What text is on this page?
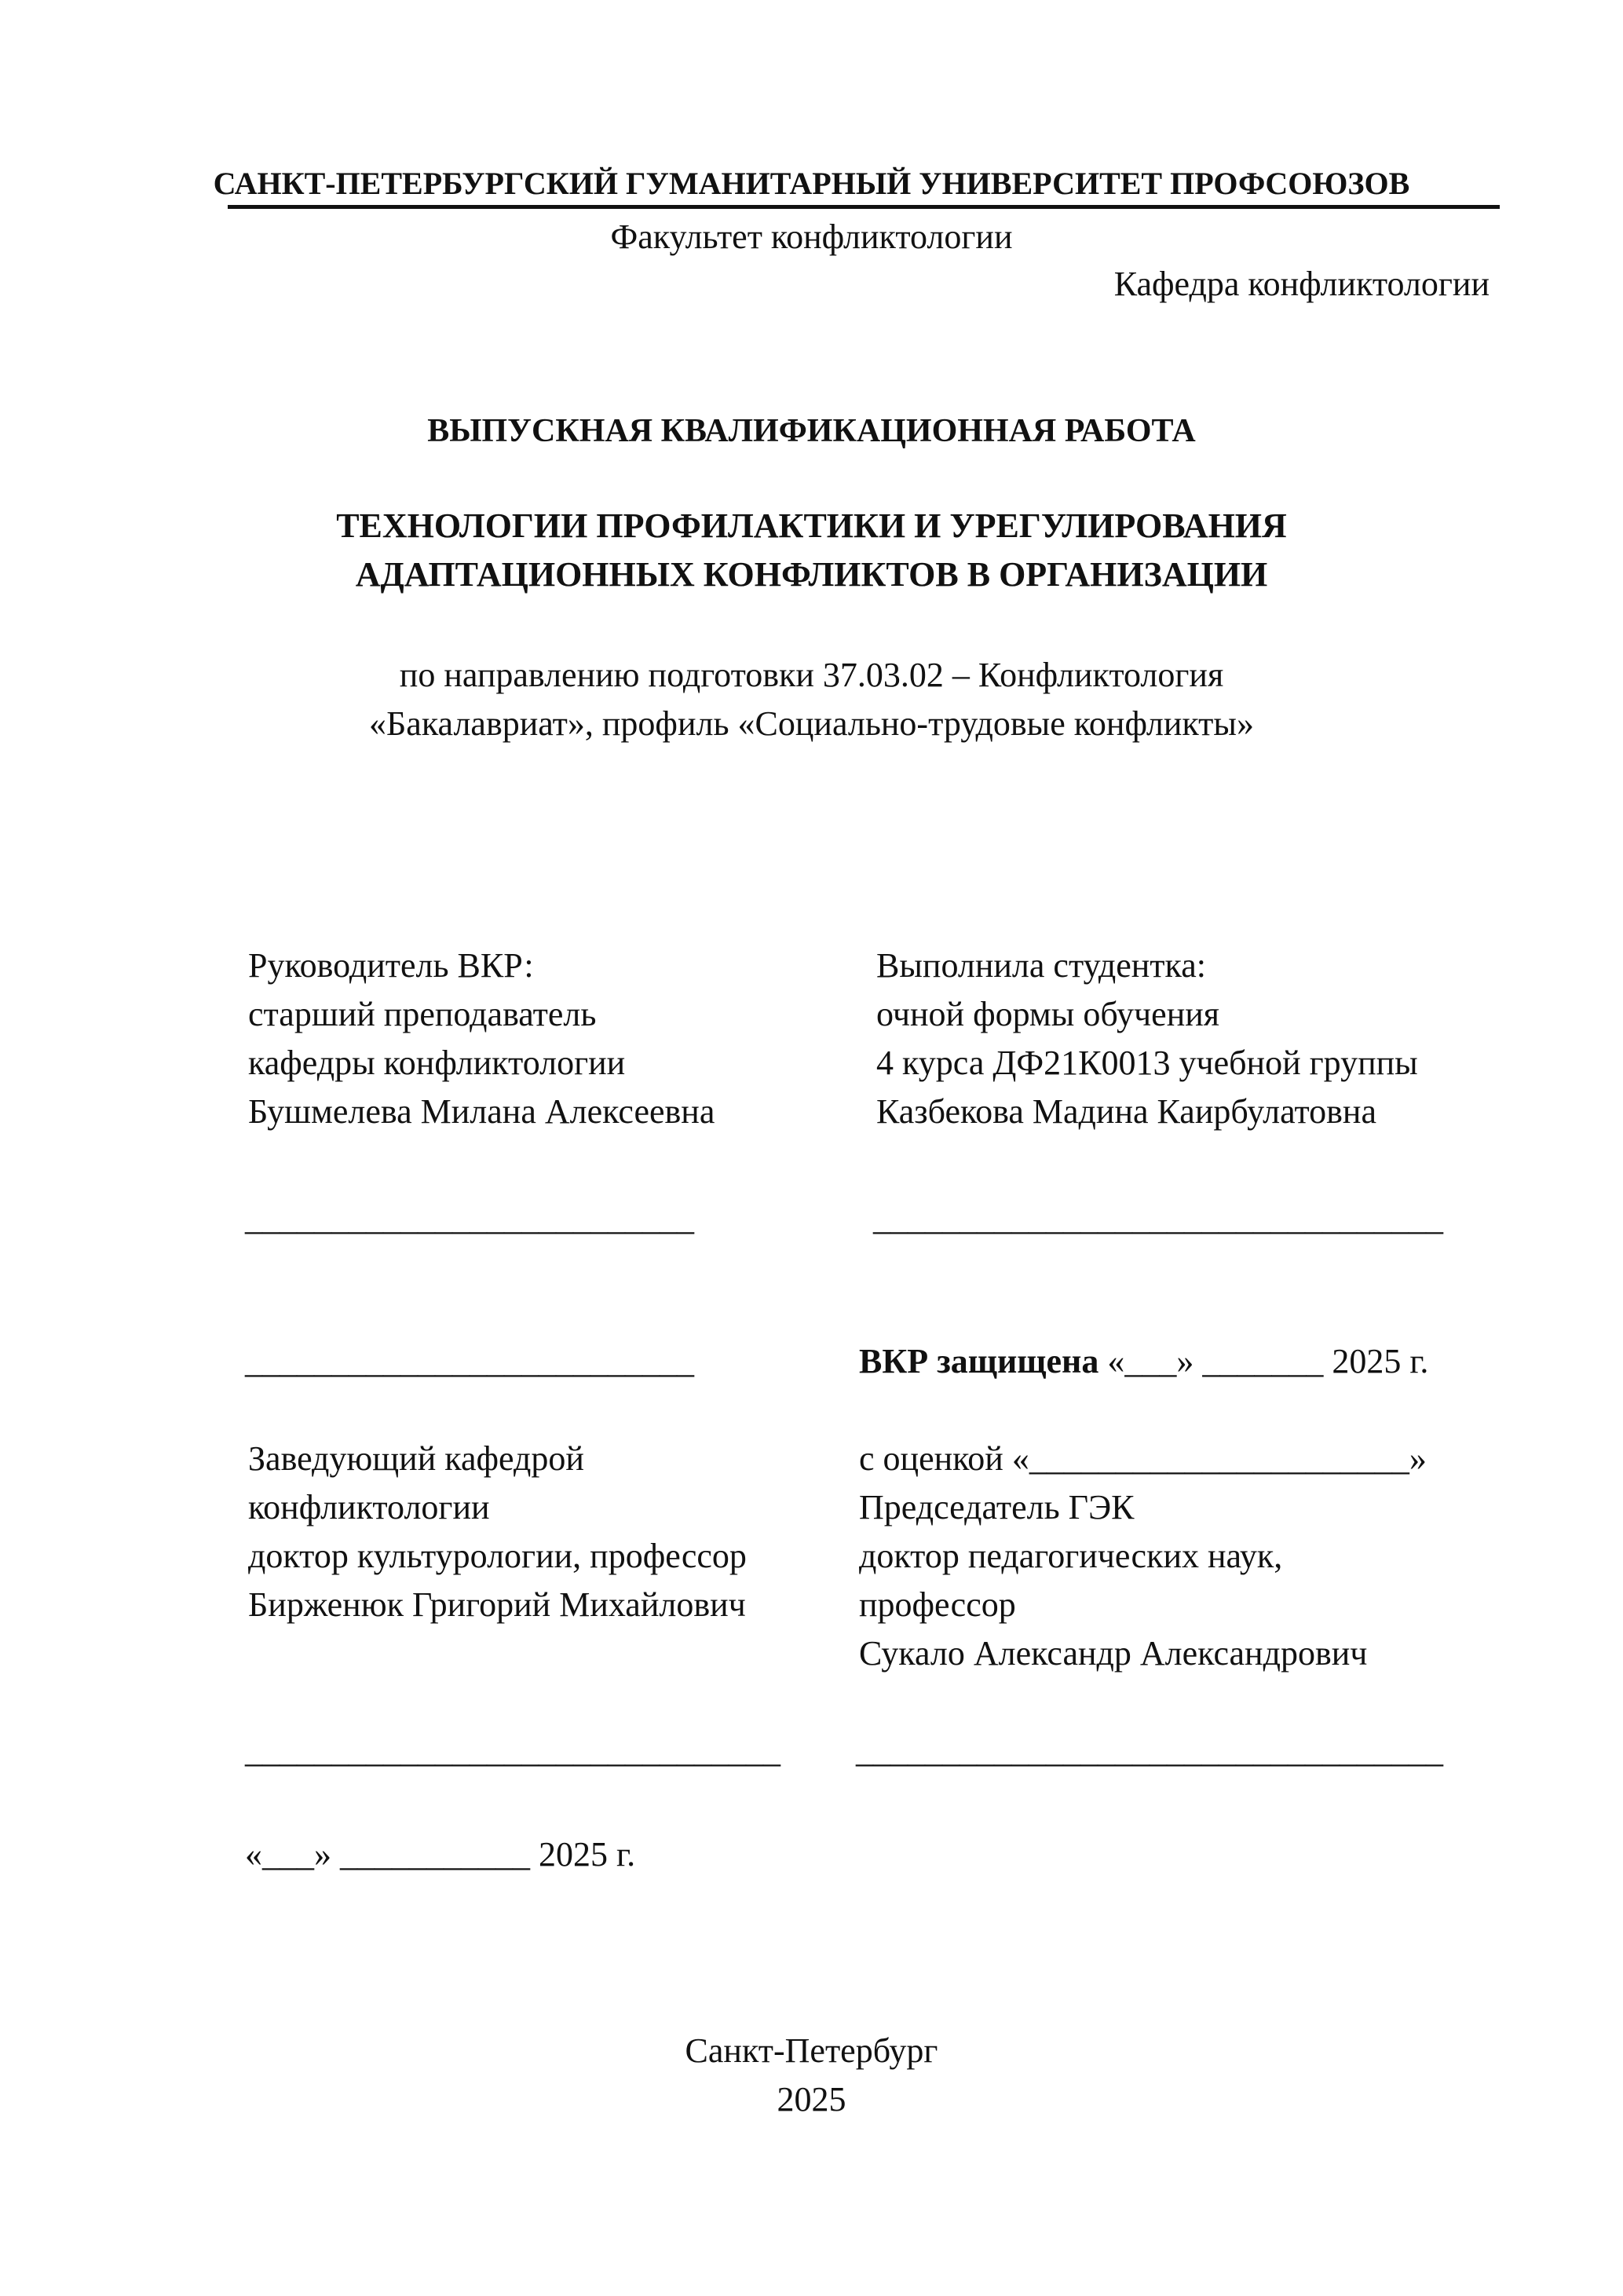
САНКТ-ПЕТЕРБУРГСКИЙ ГУМАНИТАРНЫЙ УНИВЕРСИТЕТ ПРОФСОЮЗОВ
Факультет конфликтологии
Кафедра конфликтологии
ВЫПУСКНАЯ КВАЛИФИКАЦИОННАЯ РАБОТА
ТЕХНОЛОГИИ ПРОФИЛАКТИКИ И УРЕГУЛИРОВАНИЯ
АДАПТАЦИОННЫХ КОНФЛИКТОВ В ОРГАНИЗАЦИИ
по направлению подготовки 37.03.02 – Конфликтология
«Бакалавриат», профиль «Социально-трудовые конфликты»
Руководитель ВКР:
старший преподаватель
кафедры конфликтологии
Бушмелева Милана Алексеевна
__________________________
Выполнила студентка:
очной формы обучения
4 курса ДФ21К0013 учебной группы
Казбекова Мадина Каирбулатовна
_________________________________
__________________________	ВКР защищена «___» _______ 2025 г.
Заведующий кафедрой
конфликтологии
доктор культурологии, профессор
Бирженюк Григорий Михайлович
_______________________________
с оценкой «______________________»
Председатель ГЭК
доктор педагогических наук,
профессор
Сукало Александр Александрович
__________________________________
«___» ___________ 2025 г.
Санкт-Петербург
2025
